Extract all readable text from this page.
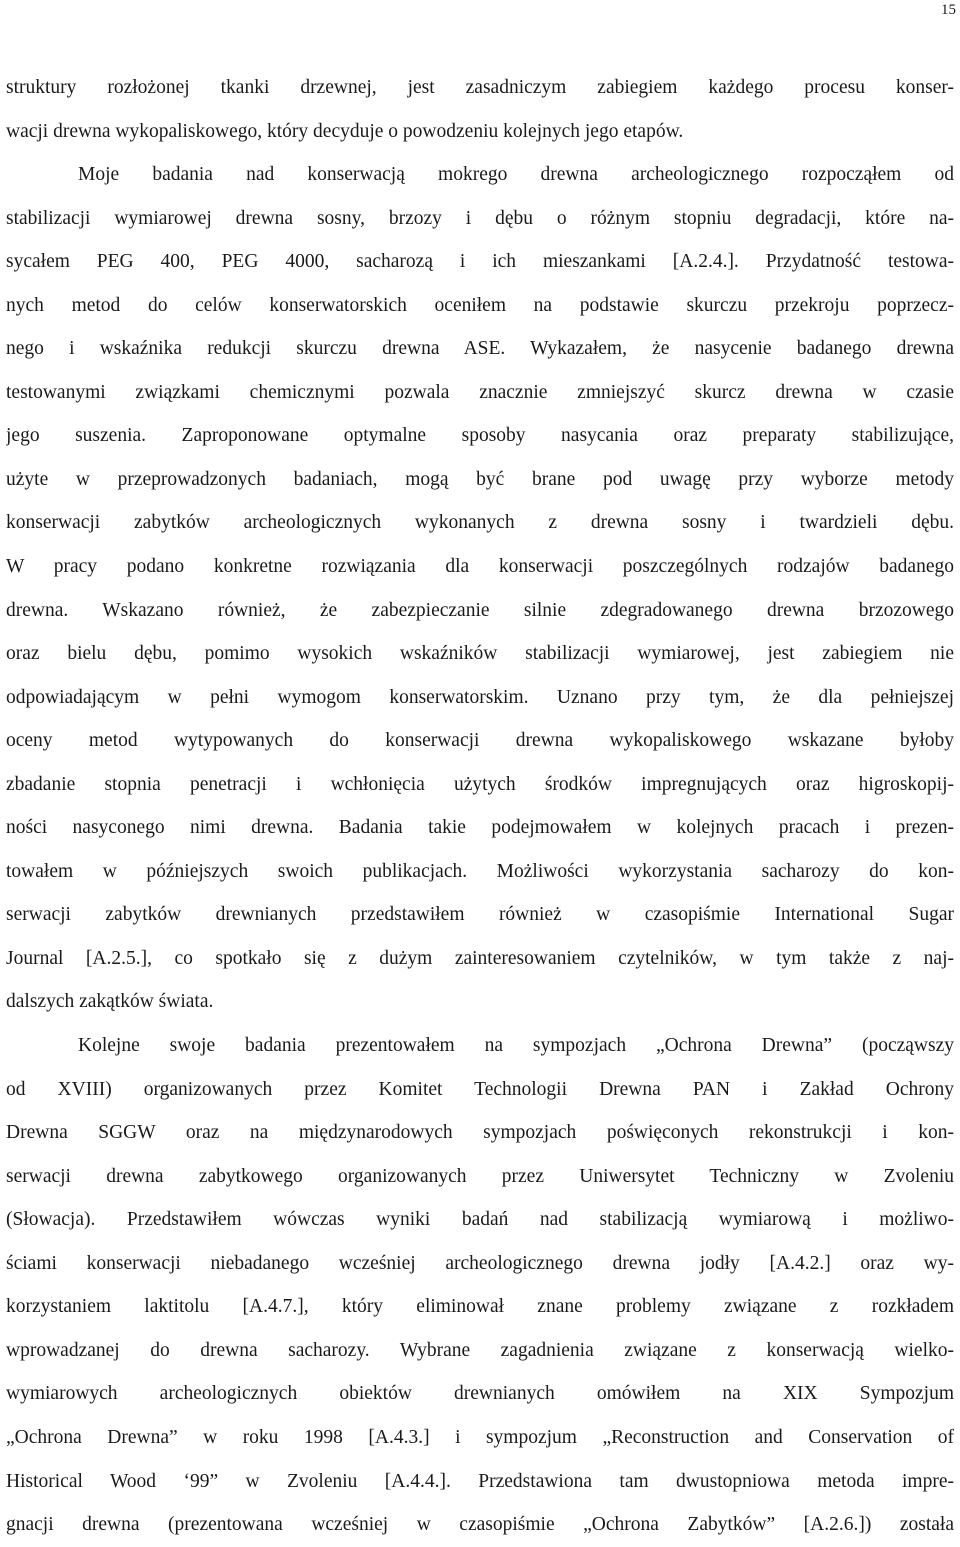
15
struktury rozłożonej tkanki drzewnej, jest zasadniczym zabiegiem każdego procesu konser-
wacji drewna wykopaliskowego, który decyduje o powodzeniu kolejnych jego etapów.
Moje badania nad konserwacją mokrego drewna archeologicznego rozpocząłem od
stabilizacji wymiarowej drewna sosny, brzozy i dębu o różnym stopniu degradacji, które na-
sycałem PEG 400, PEG 4000, sacharozą i ich mieszankami [A.2.4.]. Przydatność testowa-
nych metod do celów konserwatorskich oceniłem na podstawie skurczu przekroju poprzecz-
nego i wskaźnika redukcji skurczu drewna ASE. Wykazałem, że nasycenie badanego drewna
testowanymi związkami chemicznymi pozwala znacznie zmniejszyć skurcz drewna w czasie
jego suszenia. Zaproponowane optymalne sposoby nasycania oraz preparaty stabilizujące,
użyte w przeprowadzonych badaniach, mogą być brane pod uwagę przy wyborze metody
konserwacji zabytków archeologicznych wykonanych z drewna sosny i twardzieli dębu.
W pracy podano konkretne rozwiązania dla konserwacji poszczególnych rodzajów badanego
drewna. Wskazano również, że zabezpieczanie silnie zdegradowanego drewna brzozowego
oraz bielu dębu, pomimo wysokich wskaźników stabilizacji wymiarowej, jest zabiegiem nie
odpowiadającym w pełni wymogom konserwatorskim. Uznano przy tym, że dla pełniejszej
oceny metod wytypowanych do konserwacji drewna wykopaliskowego wskazane byłoby
zbadanie stopnia penetracji i wchłonięcia użytych środków impregnujących oraz higroskopij-
ności nasyconego nimi drewna. Badania takie podejmowałem w kolejnych pracach i prezen-
towałem w późniejszych swoich publikacjach. Możliwości wykorzystania sacharozy do kon-
serwacji zabytków drewnianych przedstawiłem również w czasopiśmie International Sugar
Journal [A.2.5.], co spotkało się z dużym zainteresowaniem czytelników, w tym także z naj-
dalszych zakątków świata.
Kolejne swoje badania prezentowałem na sympozjach „Ochrona Drewna” (począwszy
od XVIII) organizowanych przez Komitet Technologii Drewna PAN i Zakład Ochrony
Drewna SGGW oraz na międzynarodowych sympozjach poświęconych rekonstrukcji i kon-
serwacji drewna zabytkowego organizowanych przez Uniwersytet Techniczny w Zvoleniu
(Słowacja). Przedstawiłem wówczas wyniki badań nad stabilizacją wymiarową i możliwo-
ściami konserwacji niebadanego wcześniej archeologicznego drewna jodły [A.4.2.] oraz wy-
korzystaniem laktitolu [A.4.7.], który eliminował znane problemy związane z rozkładem
wprowadzanej do drewna sacharozy. Wybrane zagadnienia związane z konserwacją wielko-
wymiarowych archeologicznych obiektów drewnianych omówiłem na XIX Sympozjum
„Ochrona Drewna” w roku 1998 [A.4.3.] i sympozjum „Reconstruction and Conservation of
Historical Wood ‘99” w Zvoleniu [A.4.4.]. Przedstawiona tam dwustopniowa metoda impre-
gnacji drewna (prezentowana wcześniej w czasopiśmie „Ochrona Zabytków” [A.2.6.]) została
